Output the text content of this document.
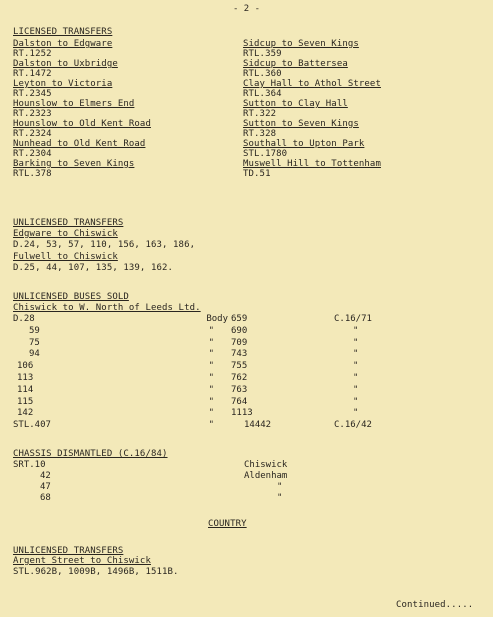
- 2 -
LICENSED TRANSFERS
Dalston to Edgware
RT.1252
Dalston to Uxbridge
RT.1472
Leyton to Victoria
RT.2345
Hounslow to Elmers End
RT.2323
Hounslow to Old Kent Road
RT.2324
Nunhead to Old Kent Road
RT.2304
Barking to Seven Kings
RTL.378
Sidcup to Seven Kings
RTL.359
Sidcup to Battersea
RTL.360
Clay Hall to Athol Street
RTL.364
Sutton to Clay Hall
RT.322
Sutton to Seven Kings
RT.328
Southall to Upton Park
STL.1780
Muswell Hill to Tottenham
TD.51
UNLICENSED TRANSFERS
Edgware to Chiswick
D.24, 53, 57, 110, 156, 163, 186,
Fulwell to Chiswick
D.25, 44, 107, 135, 139, 162.
UNLICENSED BUSES SOLD
Chiswick to W. North of Leeds Ltd.
D.28
59
75
94
106
113
114
115
142
STL.407
Body
"
"
"
"
"
"
"
"
"
659
690
709
743
755
762
763
764
1113
14442
C.16/71
"
"
"
"
"
"
"
"
C.16/42
CHASSIS DISMANTLED (C.16/84)
SRT.10
42
47
68
Chiswick
Aldenham
"
"
COUNTRY
UNLICENSED TRANSFERS
Argent Street to Chiswick
STL.962B, 1009B, 1496B, 1511B.
Continued.....
